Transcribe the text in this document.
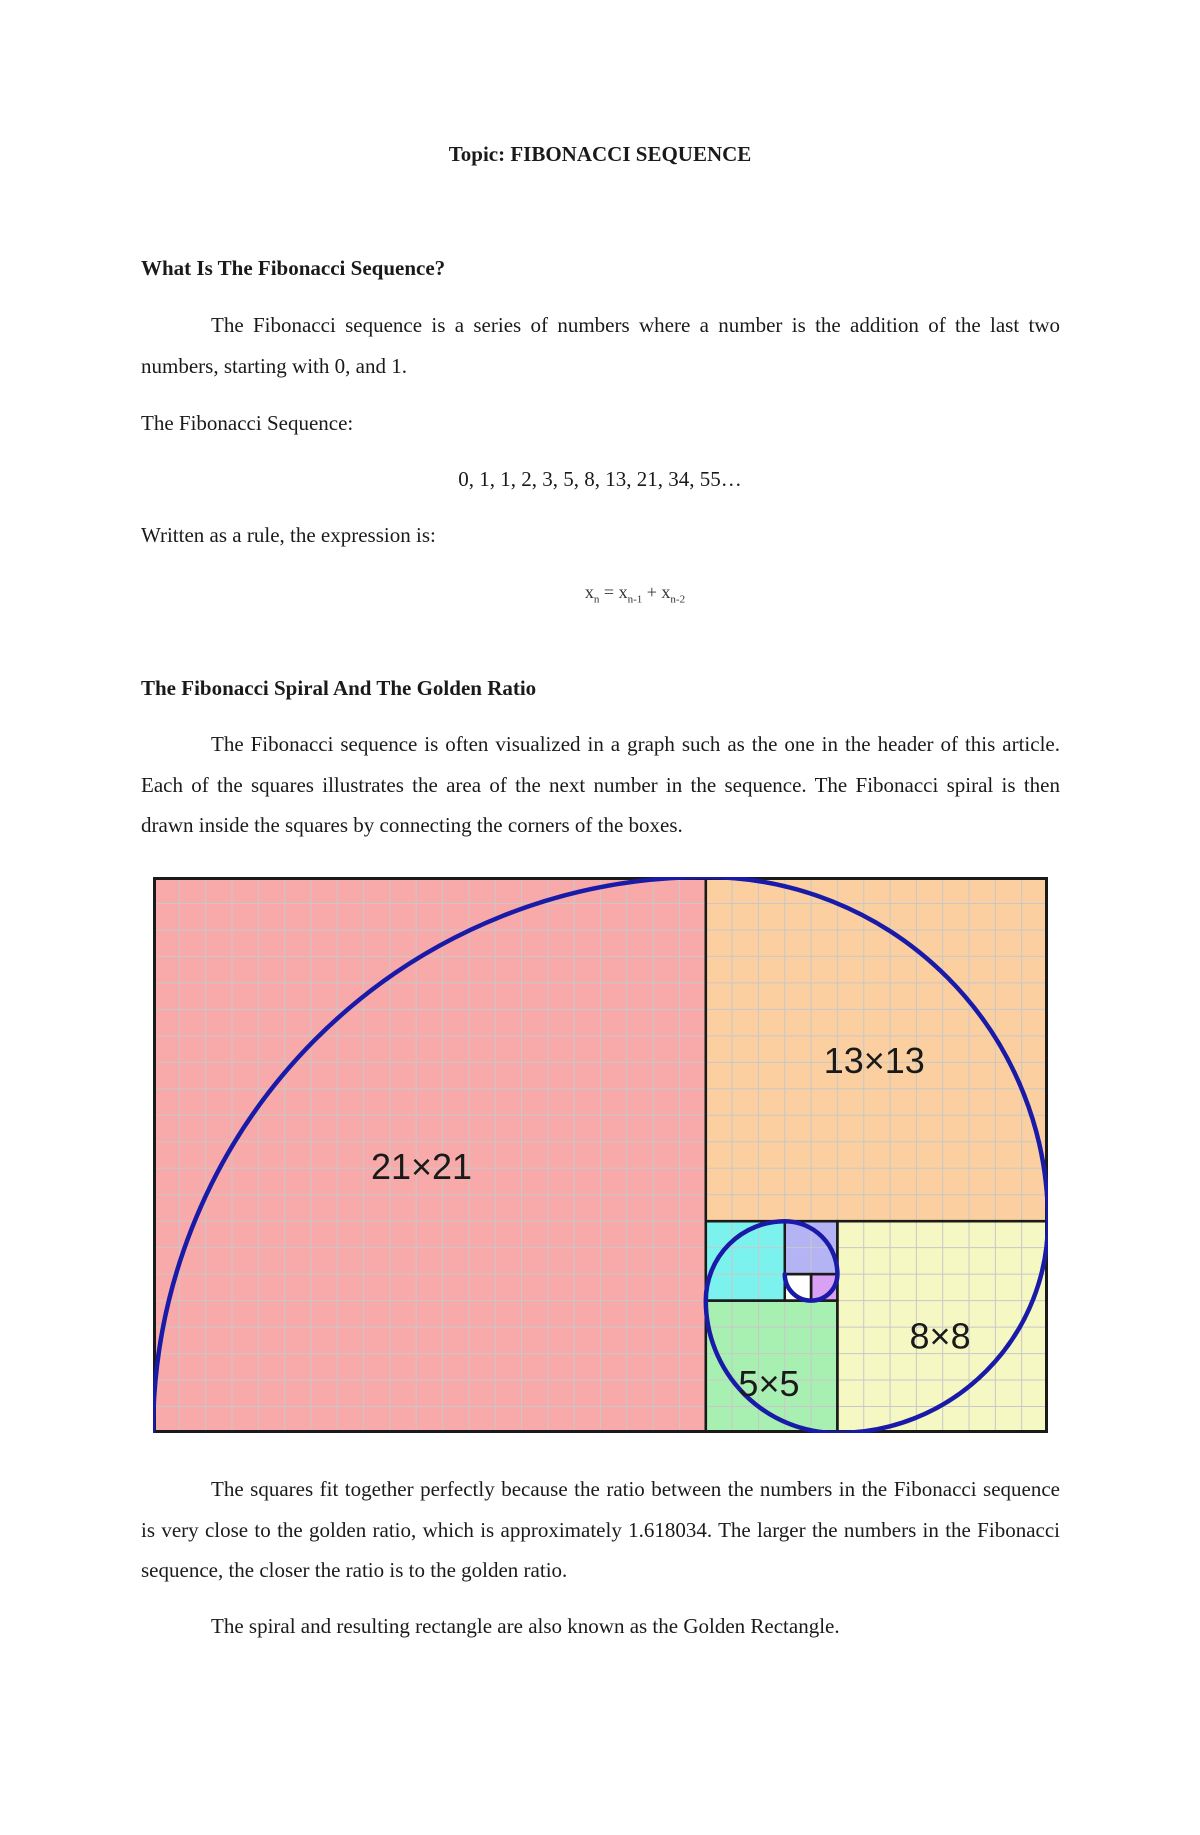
Topic: FIBONACCI SEQUENCE
What Is The Fibonacci Sequence?
The Fibonacci sequence is a series of numbers where a number is the addition of the last two numbers, starting with 0, and 1.
The Fibonacci Sequence:
0, 1, 1, 2, 3, 5, 8, 13, 21, 34, 55…
Written as a rule, the expression is:
$x_n = x_{n-1} + x_{n-2}$
The Fibonacci Spiral And The Golden Ratio
The Fibonacci sequence is often visualized in a graph such as the one in the header of this article. Each of the squares illustrates the area of the next number in the sequence. The Fibonacci spiral is then drawn inside the squares by connecting the corners of the boxes.
21×21
13×13
8×8
5×5
The squares fit together perfectly because the ratio between the numbers in the Fibonacci sequence is very close to the golden ratio, which is approximately 1.618034. The larger the numbers in the Fibonacci sequence, the closer the ratio is to the golden ratio.
The spiral and resulting rectangle are also known as the Golden Rectangle.
